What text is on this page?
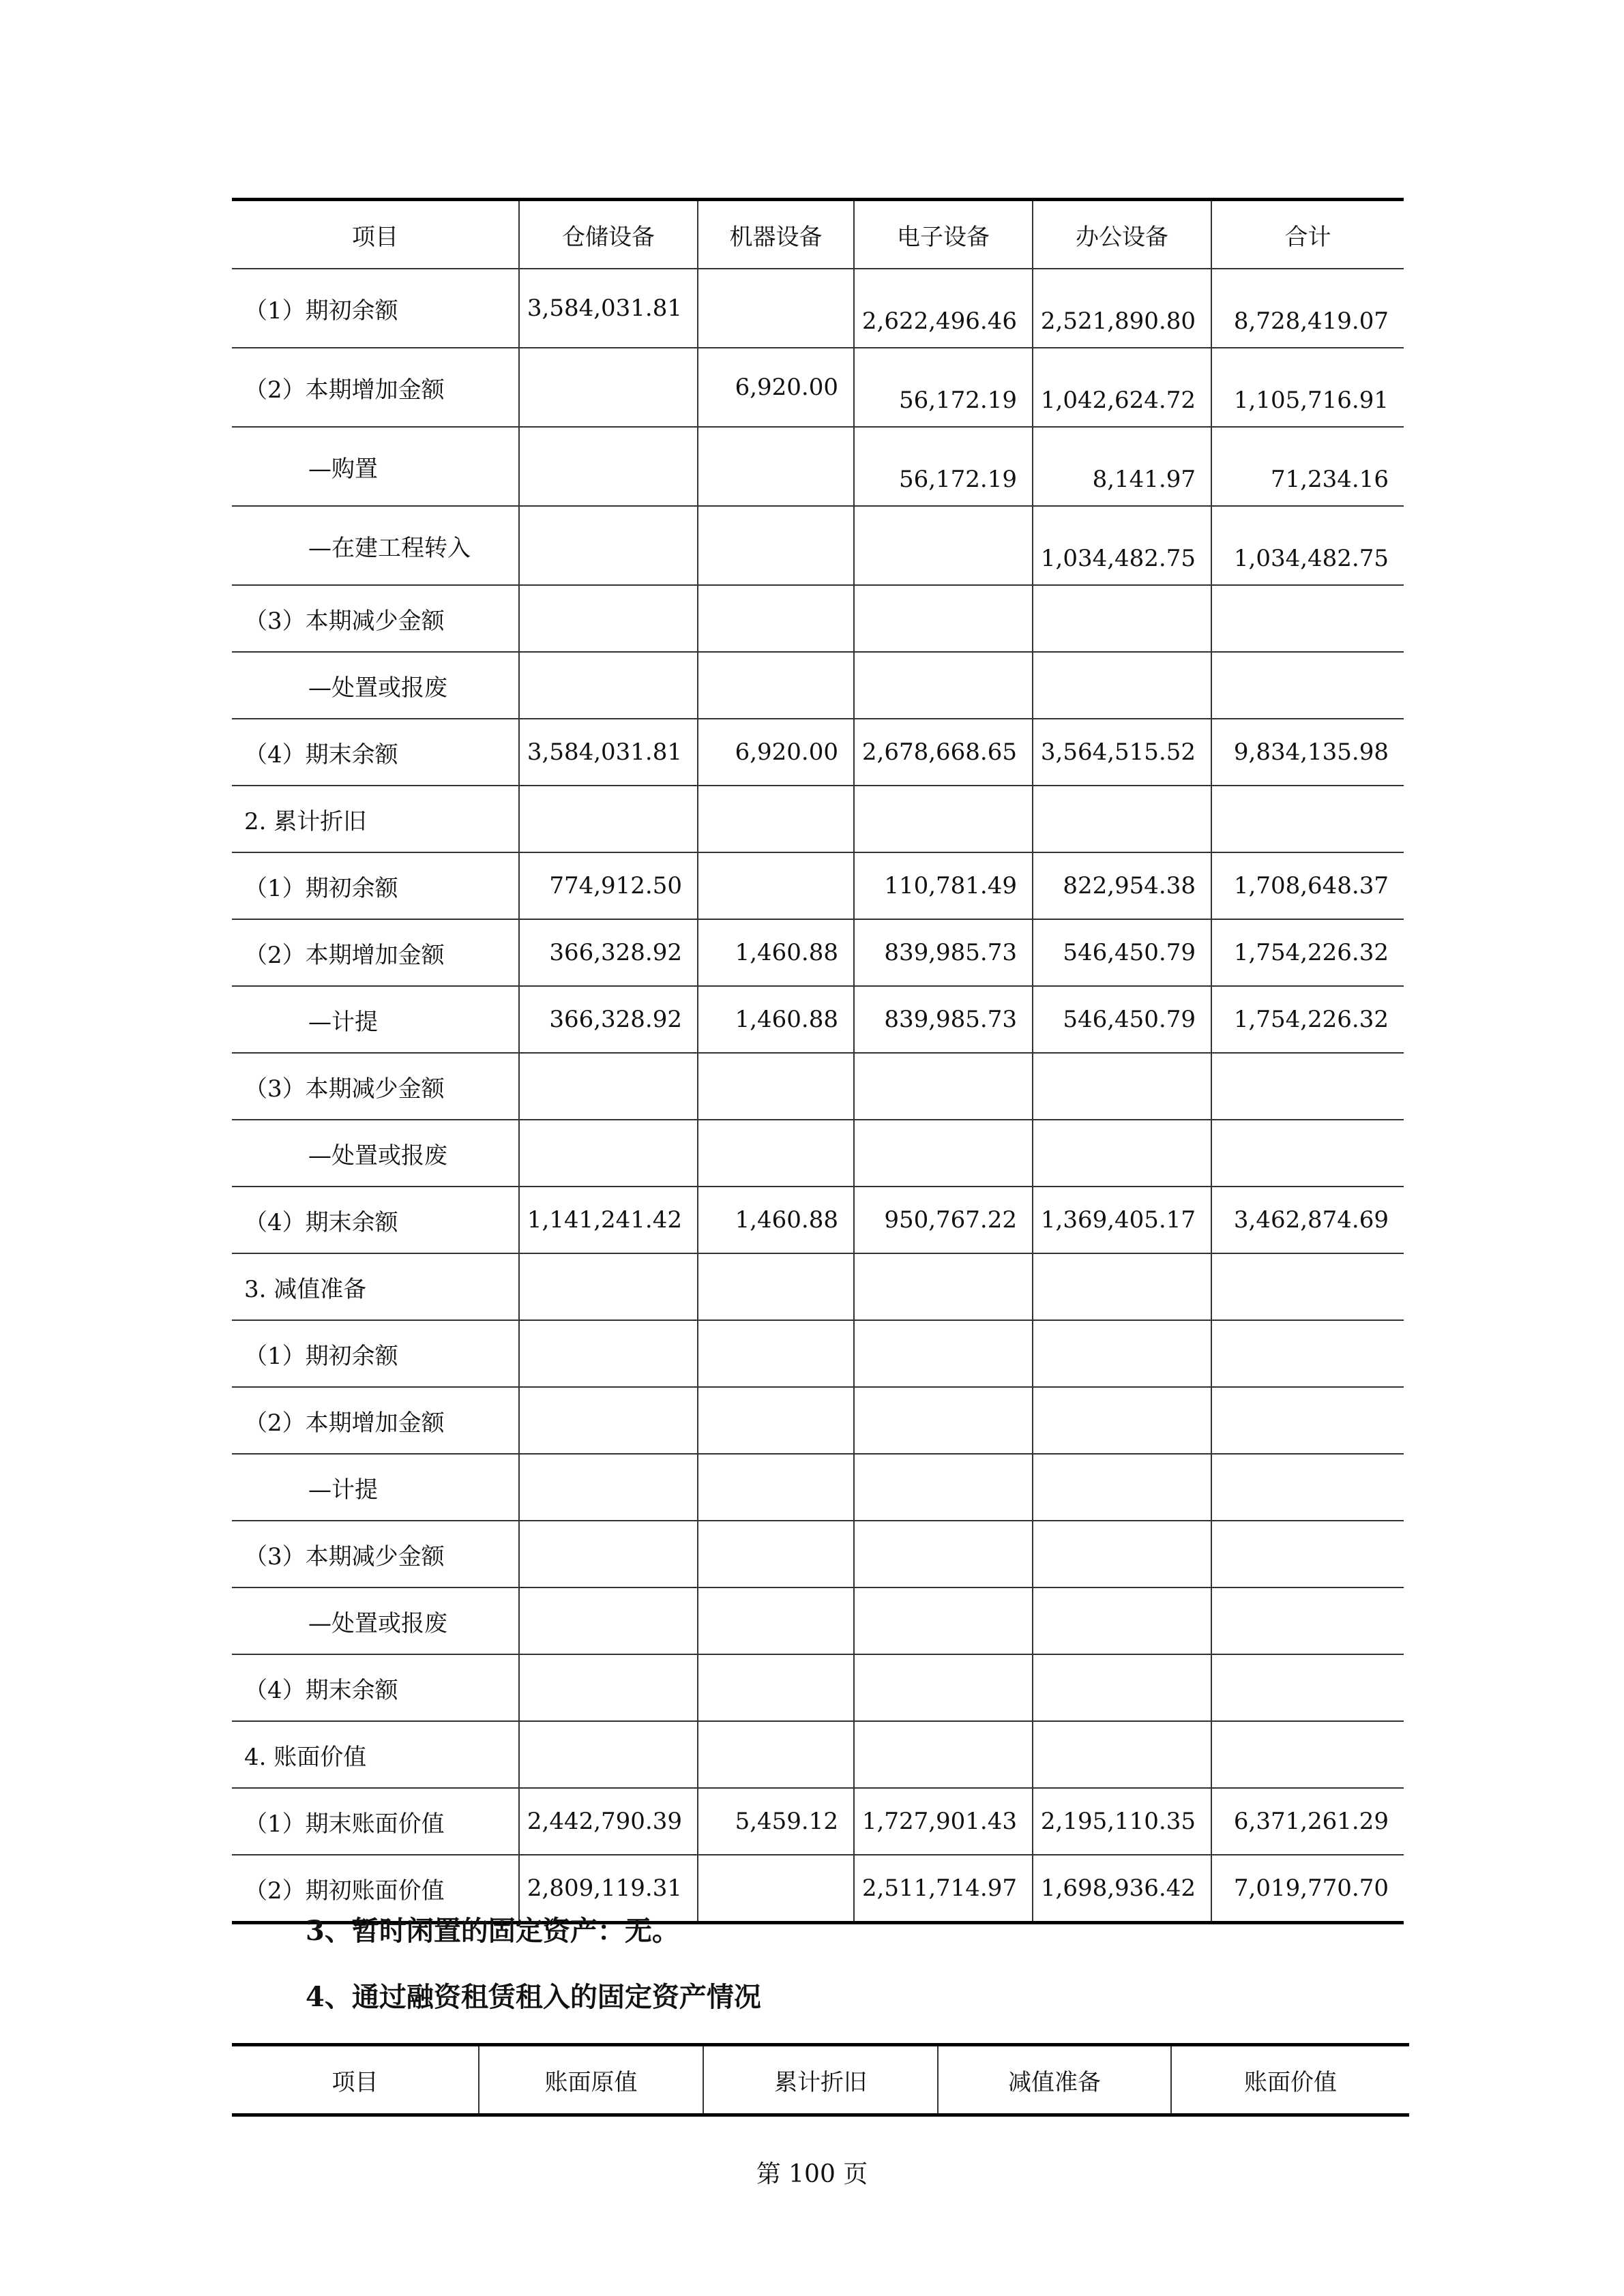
项目	仓储设备	机器设备	电子设备	办公设备	合计
（1）期初余额	3,584,031.81		2,622,496.46	2,521,890.80	8,728,419.07
（2）本期增加金额		6,920.00	56,172.19	1,042,624.72	1,105,716.91
—购置			56,172.19	8,141.97	71,234.16
—在建工程转入				1,034,482.75	1,034,482.75
（3）本期减少金额					
—处置或报废					
（4）期末余额	3,584,031.81	6,920.00	2,678,668.65	3,564,515.52	9,834,135.98
2. 累计折旧					
（1）期初余额	774,912.50		110,781.49	822,954.38	1,708,648.37
（2）本期增加金额	366,328.92	1,460.88	839,985.73	546,450.79	1,754,226.32
—计提	366,328.92	1,460.88	839,985.73	546,450.79	1,754,226.32
（3）本期减少金额					
—处置或报废					
（4）期末余额	1,141,241.42	1,460.88	950,767.22	1,369,405.17	3,462,874.69
3. 减值准备					
（1）期初余额					
（2）本期增加金额					
—计提					
（3）本期减少金额					
—处置或报废					
（4）期末余额					
4. 账面价值					
（1）期末账面价值	2,442,790.39	5,459.12	1,727,901.43	2,195,110.35	6,371,261.29
（2）期初账面价值	2,809,119.31		2,511,714.97	1,698,936.42	7,019,770.70
3、暂时闲置的固定资产：无。
4、通过融资租赁租入的固定资产情况
项目	账面原值	累计折旧	减值准备	账面价值
第 100 页
